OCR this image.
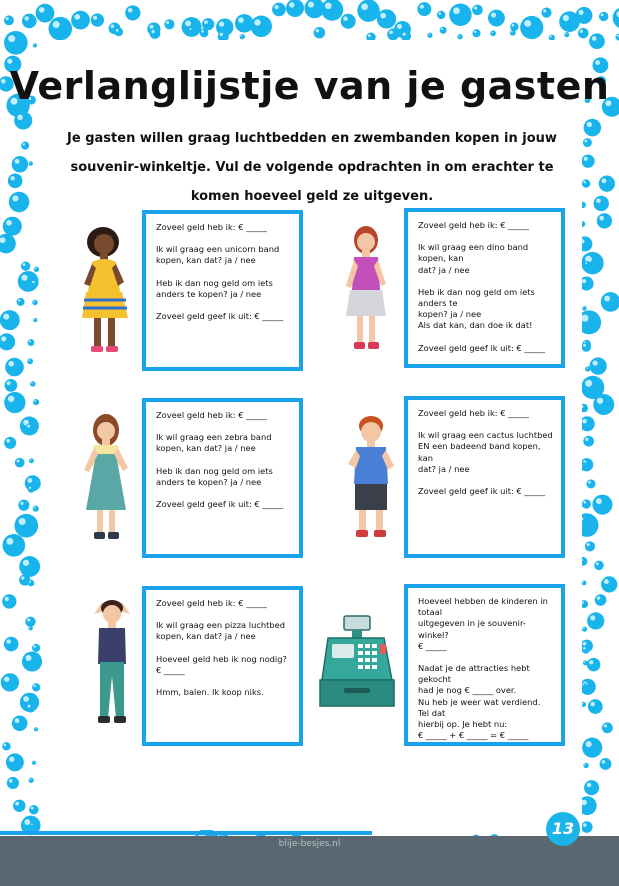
Verlanglijstje van je gasten
Je gasten willen graag luchtbedden en zwembanden kopen in jouw souvenir-winkeltje. Vul de volgende opdrachten in om erachter te komen hoeveel geld ze uitgeven.

Zoveel geld heb ik: € _____

Ik wil graag een unicorn band

kopen, kan dat? ja / nee

Heb ik dan nog geld om iets

anders te kopen? ja / nee

Zoveel geld geef ik uit: € _____

Zoveel geld heb ik: € _____

Ik wil graag een dino band kopen, kan

dat? ja / nee

Heb ik dan nog geld om iets anders te

kopen? ja / nee

Als dat kan, dan doe ik dat!

Zoveel geld geef ik uit: € _____

Zoveel geld heb ik: € _____

Ik wil graag een zebra band

kopen, kan dat? ja / nee

Heb ik dan nog geld om iets

anders te kopen? ja / nee

Zoveel geld geef ik uit: € _____

Zoveel geld heb ik: € _____

Ik wil graag een cactus luchtbed

EN een badeend band kopen, kan

dat? ja / nee

Zoveel geld geef ik uit: € _____

Zoveel geld heb ik: € _____

Ik wil graag een pizza luchtbed

kopen, kan dat? ja / nee

Hoeveel geld heb ik nog nodig?

€ _____

Hmm, balen. Ik koop niks.

Hoeveel hebben de kinderen in totaal

uitgegeven in je souvenir-winkel?

€ _____

Nadat je de attracties hebt gekocht

had je nog € _____ over.

Nu heb je weer wat verdiend. Tel dat

hierbij op. Je hebt nu:

€ _____ + € _____ = € _____

blije-besjes.nl
13
